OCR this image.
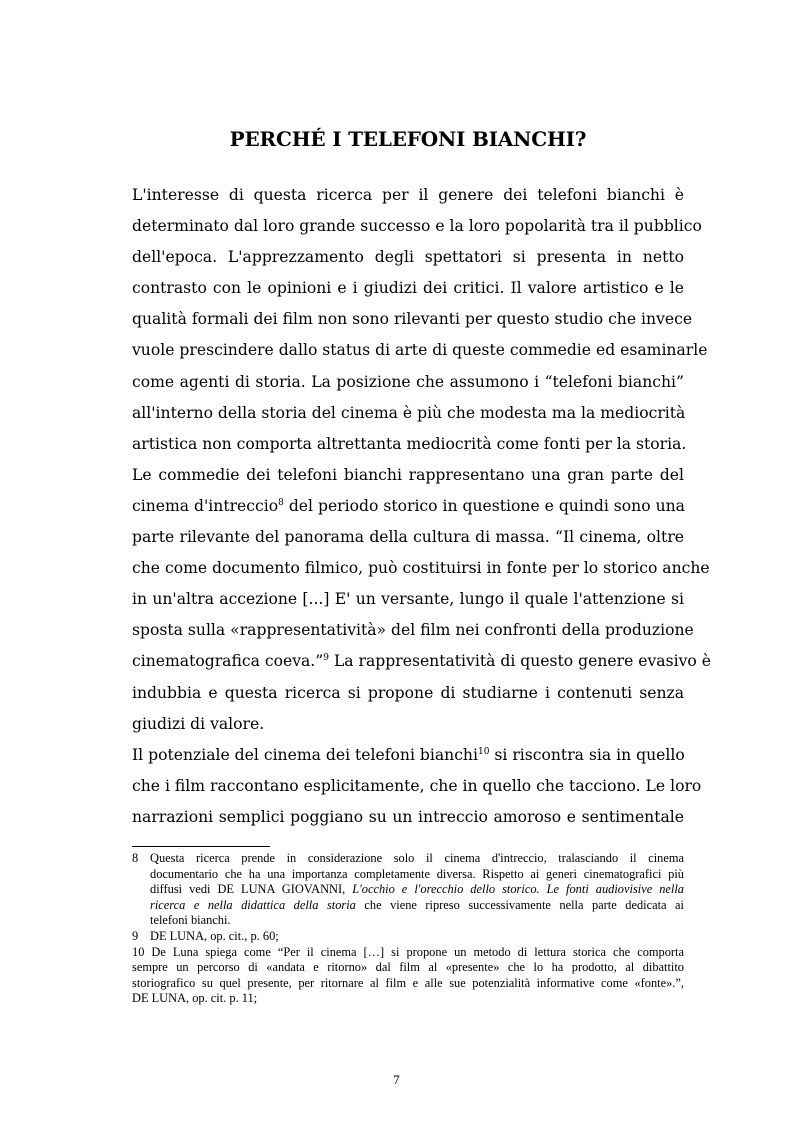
PERCHÉ I TELEFONI BIANCHI?
L'interesse di questa ricerca per il genere dei telefoni bianchi è
determinato dal loro grande successo e la loro popolarità tra il pubblico
dell'epoca. L'apprezzamento degli spettatori si presenta in netto
contrasto con le opinioni e i giudizi dei critici. Il valore artistico e le
qualità formali dei film non sono rilevanti per questo studio che invece
vuole prescindere dallo status di arte di queste commedie ed esaminarle
come agenti di storia. La posizione che assumono i “telefoni bianchi”
all'interno della storia del cinema è più che modesta ma la mediocrità
artistica non comporta altrettanta mediocrità come fonti per la storia.
Le commedie dei telefoni bianchi rappresentano una gran parte del
cinema d'intreccio$^8$ del periodo storico in questione e quindi sono una
parte rilevante del panorama della cultura di massa. “Il cinema, oltre
che come documento filmico, può costituirsi in fonte per lo storico anche
in un'altra accezione [...] E' un versante, lungo il quale l'attenzione si
sposta sulla «rappresentatività» del film nei confronti della produzione
cinematografica coeva.”$^9$ La rappresentatività di questo genere evasivo è
indubbia e questa ricerca si propone di studiarne i contenuti senza
giudizi di valore.
Il potenziale del cinema dei telefoni bianchi$^{10}$ si riscontra sia in quello
che i film raccontano esplicitamente, che in quello che tacciono. Le loro
narrazioni semplici poggiano su un intreccio amoroso e sentimentale
8 Questa ricerca prende in considerazione solo il cinema d'intreccio, tralasciando il cinema
documentario che ha una importanza completamente diversa. Rispetto ai generi cinematografici più
diffusi vedi DE LUNA GIOVANNI, L'occhio e l'orecchio dello storico. Le fonti audiovisive nella
ricerca e nella didattica della storia che viene ripreso successivamente nella parte dedicata ai
telefoni bianchi.
9 DE LUNA, op. cit., p. 60;
10 De Luna spiega come “Per il cinema […] si propone un metodo di lettura storica che comporta
sempre un percorso di «andata e ritorno» dal film al «presente» che lo ha prodotto, al dibattito
storiografico su quel presente, per ritornare al film e alle sue potenzialità informative come «fonte».”,
DE LUNA, op. cit. p. 11;
7
